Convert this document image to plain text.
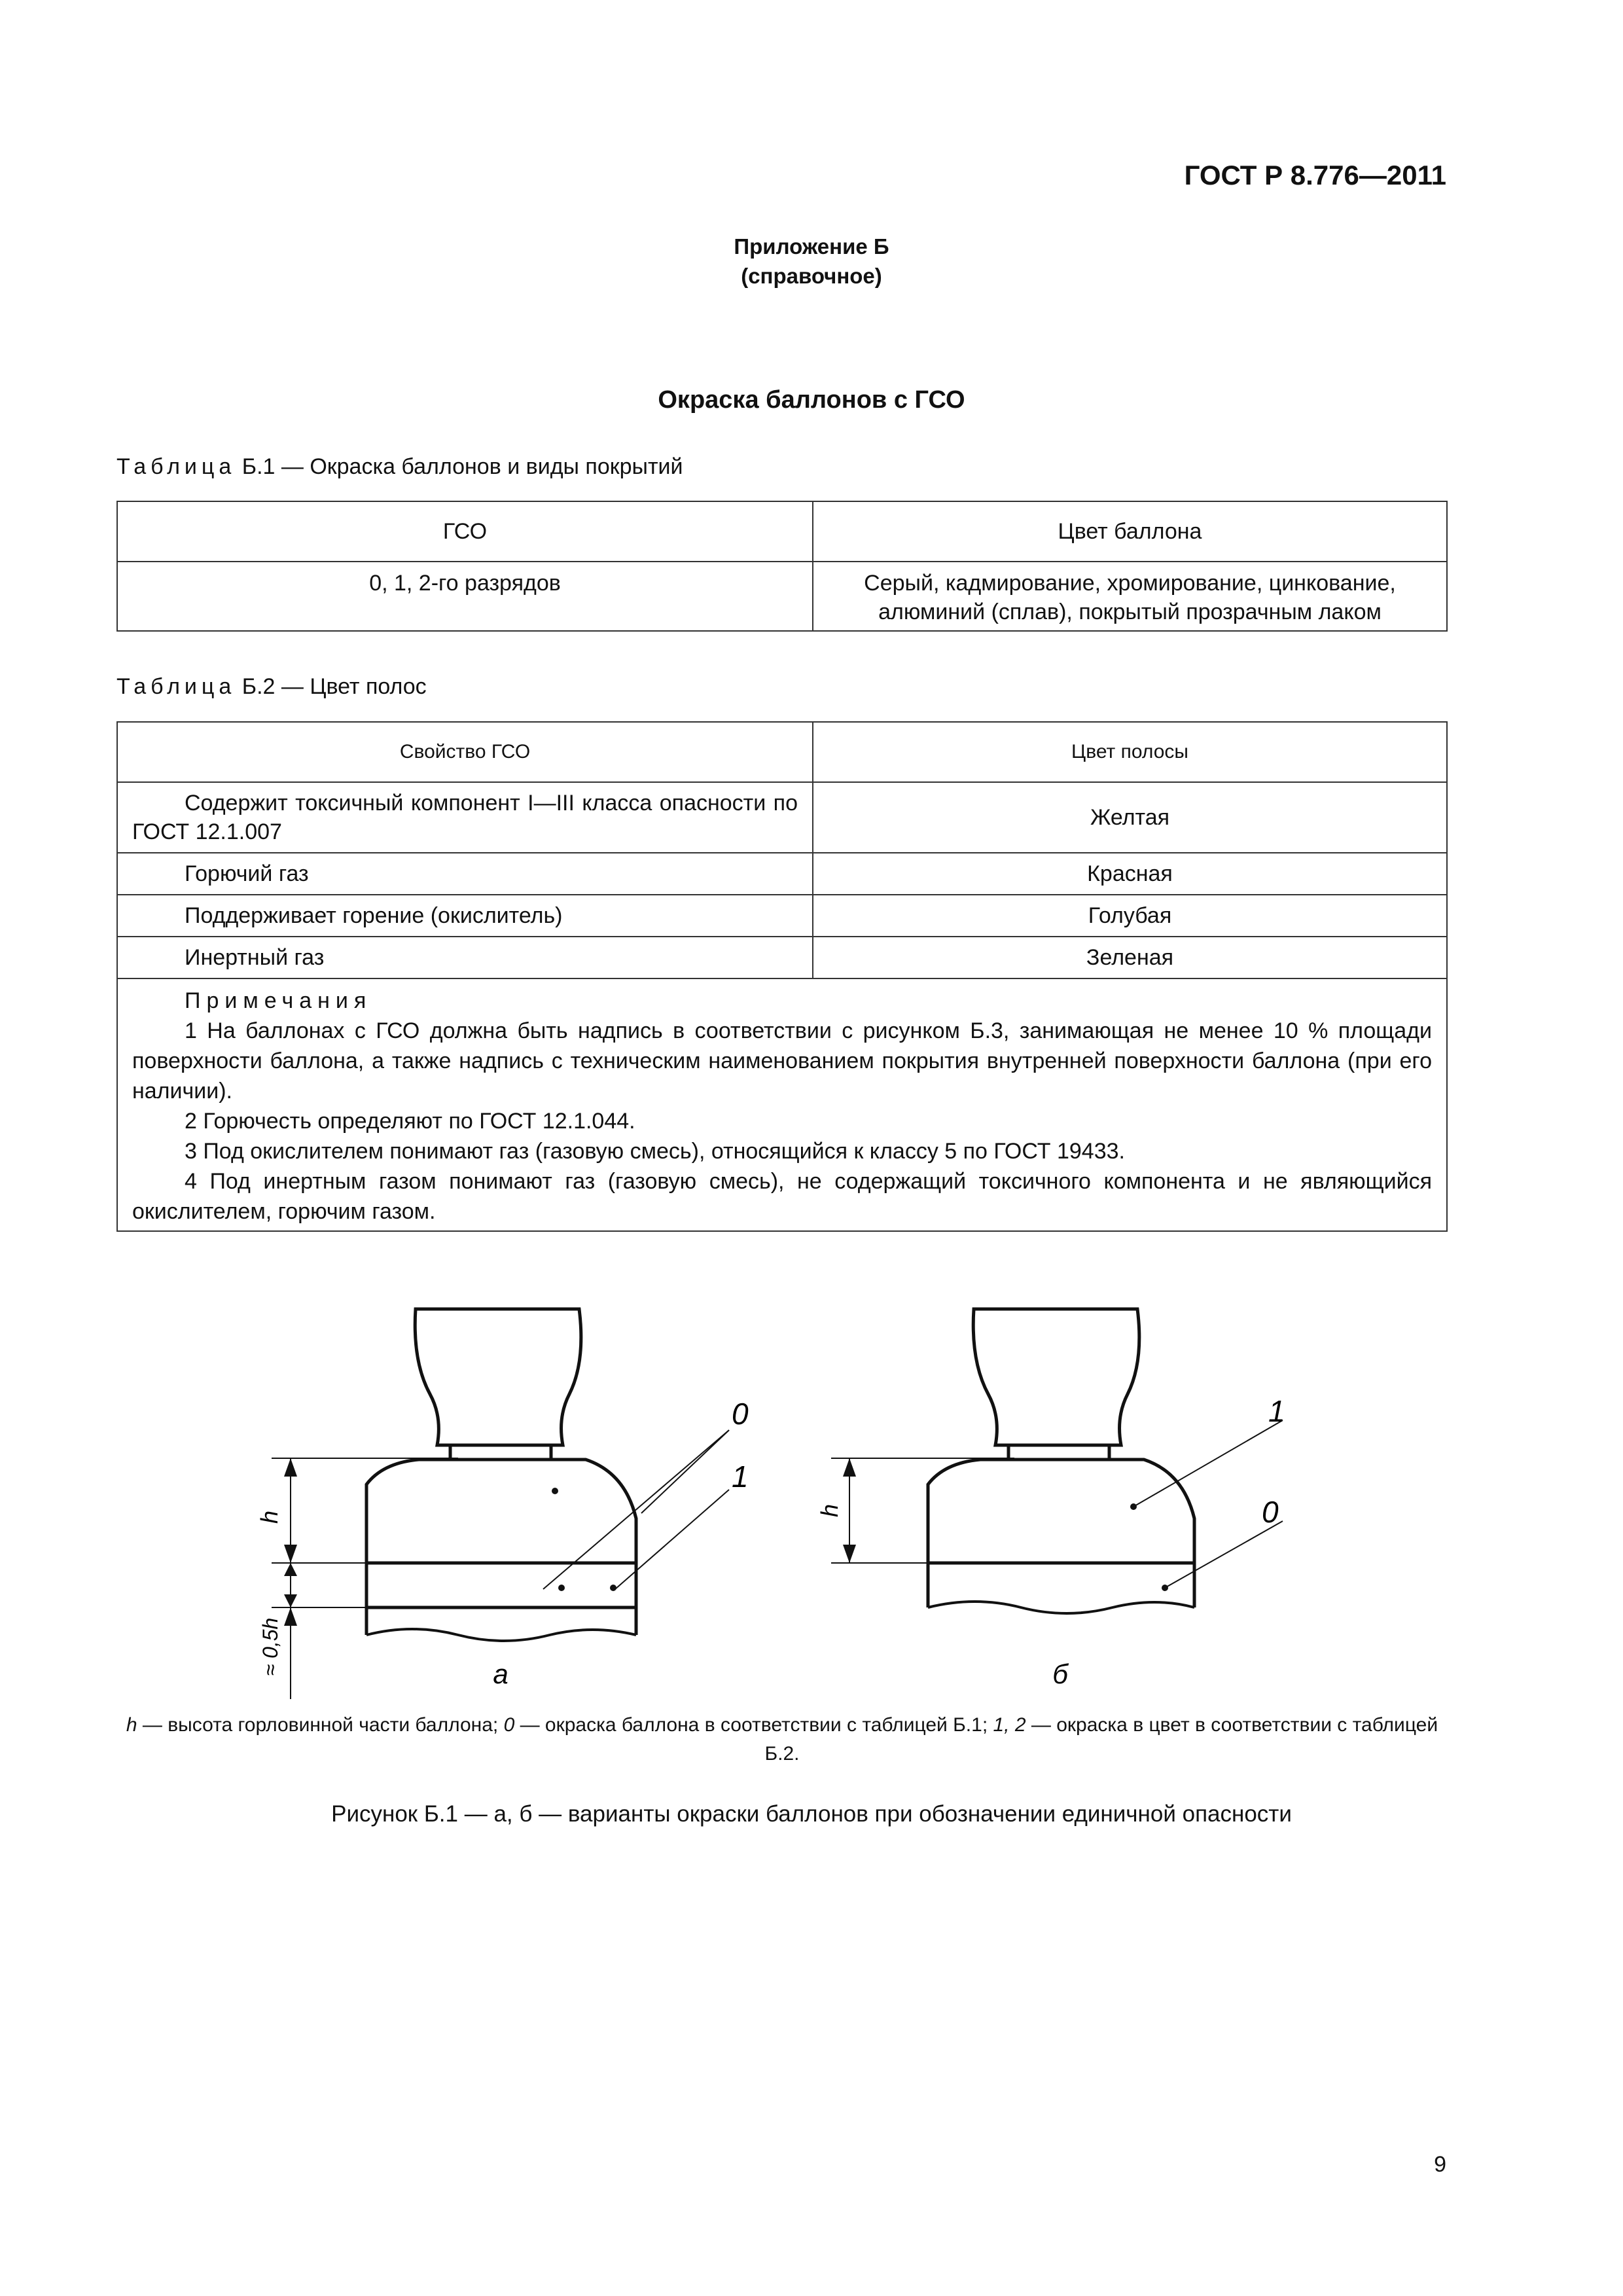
ГОСТ Р 8.776—2011
Приложение Б
(справочное)
Окраска баллонов с ГСО
Таблица Б.1 — Окраска баллонов и виды покрытий
ГСО	Цвет баллона
0, 1, 2-го разрядов	Серый, кадмирование, хромирование, цинкование,
алюминий (сплав), покрытый прозрачным лаком
Таблица Б.2 — Цвет полос
Свойство ГСО	Цвет полосы
Содержит токсичный компонент I—III класса опасности по ГОСТ 12.1.007	Желтая
Горючий газ	Красная
Поддерживает горение (окислитель)	Голубая
Инертный газ	Зеленая

Примечания

1 На баллонах с ГСО должна быть надпись в соответствии с рисунком Б.3, занимающая не менее 10 % площади поверхности баллона, а также надпись с техническим наименованием покрытия внутренней поверхности баллона (при его наличии).

2 Горючесть определяют по ГОСТ 12.1.044.

3 Под окислителем понимают газ (газовую смесь), относящийся к классу 5 по ГОСТ 19433.

4 Под инертным газом понимают газ (газовую смесь), не содержащий токсичного компонента и не являющийся окислителем, горючим газом.	

h
≈ 0,5h
h
0
1
1
0
а	б
h — высота горловинной части баллона; 0 — окраска баллона в соответствии с таблицей Б.1; 1, 2 — окраска в цвет в соответствии с таблицей Б.2.
Рисунок Б.1 — а, б — варианты окраски баллонов при обозначении единичной опасности
9
